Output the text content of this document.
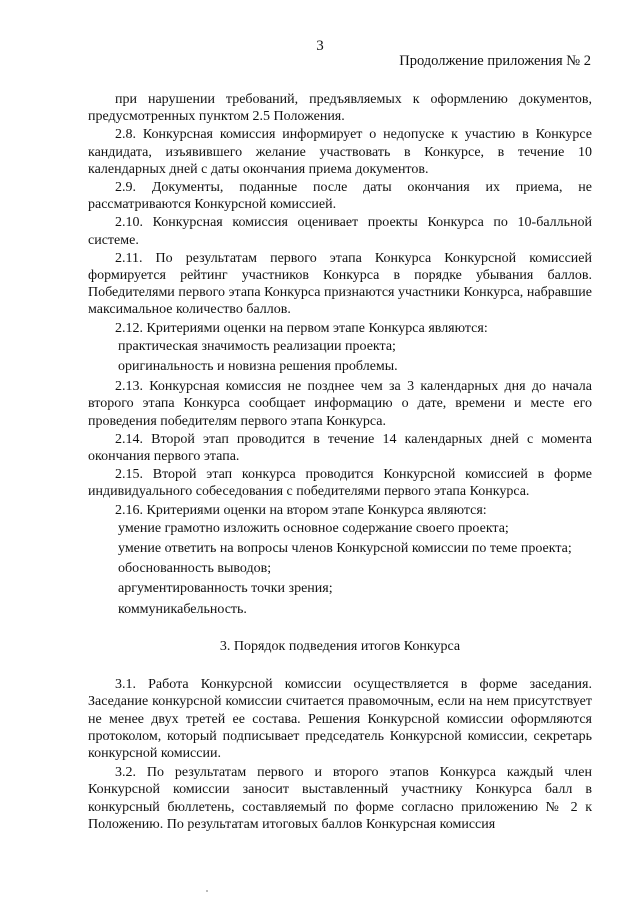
3
Продолжение приложения № 2

при нарушении требований, предъявляемых к оформлению документов, предусмотренных пунктом 2.5 Положения.

2.8. Конкурсная комиссия информирует о недопуске к участию в Конкурсе кандидата, изъявившего желание участвовать в Конкурсе, в течение 10 календарных дней с даты окончания приема документов.

2.9. Документы, поданные после даты окончания их приема, не рассматриваются Конкурсной комиссией.

2.10. Конкурсная комиссия оценивает проекты Конкурса по 10-балльной системе.

2.11. По результатам первого этапа Конкурса Конкурсной комиссией формируется рейтинг участников Конкурса в порядке убывания баллов. Победителями первого этапа Конкурса признаются участники Конкурса, набравшие максимальное количество баллов.

2.12. Критериями оценки на первом этапе Конкурса являются:

практическая значимость реализации проекта;

оригинальность и новизна решения проблемы.

2.13. Конкурсная комиссия не позднее чем за 3 календарных дня до начала второго этапа Конкурса сообщает информацию о дате, времени и месте его проведения победителям первого этапа Конкурса.

2.14. Второй этап проводится в течение 14 календарных дней с момента окончания первого этапа.

2.15. Второй этап конкурса проводится Конкурсной комиссией в форме индивидуального собеседования с победителями первого этапа Конкурса.

2.16. Критериями оценки на втором этапе Конкурса являются:

умение грамотно изложить основное содержание своего проекта;

умение ответить на вопросы членов Конкурсной комиссии по теме проекта;

обоснованность выводов;

аргументированность точки зрения;

коммуникабельность.

3. Порядок подведения итогов Конкурса

3.1. Работа Конкурсной комиссии осуществляется в форме заседания. Заседание конкурсной комиссии считается правомочным, если на нем присутствует не менее двух третей ее состава. Решения Конкурсной комиссии оформляются протоколом, который подписывает председатель Конкурсной комиссии, секретарь конкурсной комиссии.

3.2. По результатам первого и второго этапов Конкурса каждый член Конкурсной комиссии заносит выставленный участнику Конкурса балл в конкурсный бюллетень, составляемый по форме согласно приложению № 2 к Положению. По результатам итоговых баллов Конкурсная комиссия
